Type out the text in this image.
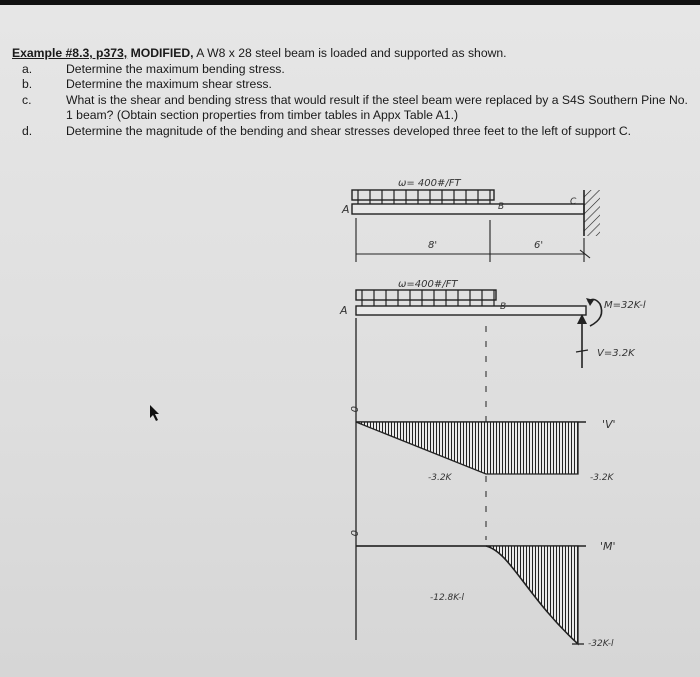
Example #8.3, p373, MODIFIED, A W8 x 28 steel beam is loaded and supported as shown.
a.	Determine the maximum bending stress.
b.	Determine the maximum shear stress.
c.	What is the shear and bending stress that would result if the steel beam were replaced by a S4S Southern Pine No. 1 beam? (Obtain section properties from timber tables in Appx Table A1.)
d.	Determine the magnitude of the bending and shear stresses developed three feet to the left of support C.
ω= 400#/FT
A	B	C
8'	6'
ω=400#/FT
A	B	M=32K-l
V=3.2K
0
'V'
-3.2K	-3.2K
0
'M'
-12.8K-l
-32K-l
